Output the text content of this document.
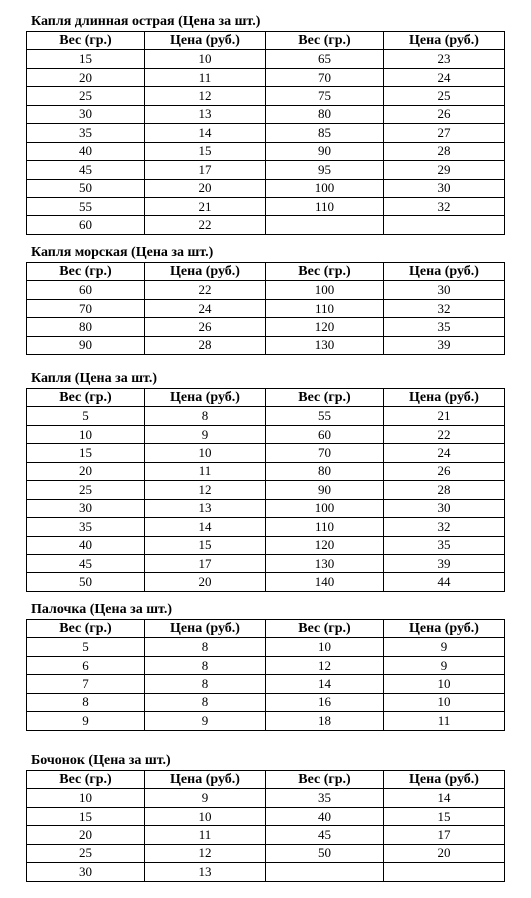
Капля длинная острая (Цена за шт.)
Вес (гр.)	Цена (руб.)	Вес (гр.)	Цена (руб.)
15	10	65	23
20	11	70	24
25	12	75	25
30	13	80	26
35	14	85	27
40	15	90	28
45	17	95	29
50	20	100	30
55	21	110	32
60	22		
Капля морская (Цена за шт.)
Вес (гр.)	Цена (руб.)	Вес (гр.)	Цена (руб.)
60	22	100	30
70	24	110	32
80	26	120	35
90	28	130	39
Капля (Цена за шт.)
Вес (гр.)	Цена (руб.)	Вес (гр.)	Цена (руб.)
5	8	55	21
10	9	60	22
15	10	70	24
20	11	80	26
25	12	90	28
30	13	100	30
35	14	110	32
40	15	120	35
45	17	130	39
50	20	140	44
Палочка (Цена за шт.)
Вес (гр.)	Цена (руб.)	Вес (гр.)	Цена (руб.)
5	8	10	9
6	8	12	9
7	8	14	10
8	8	16	10
9	9	18	11
Бочонок (Цена за шт.)
Вес (гр.)	Цена (руб.)	Вес (гр.)	Цена (руб.)
10	9	35	14
15	10	40	15
20	11	45	17
25	12	50	20
30	13		
